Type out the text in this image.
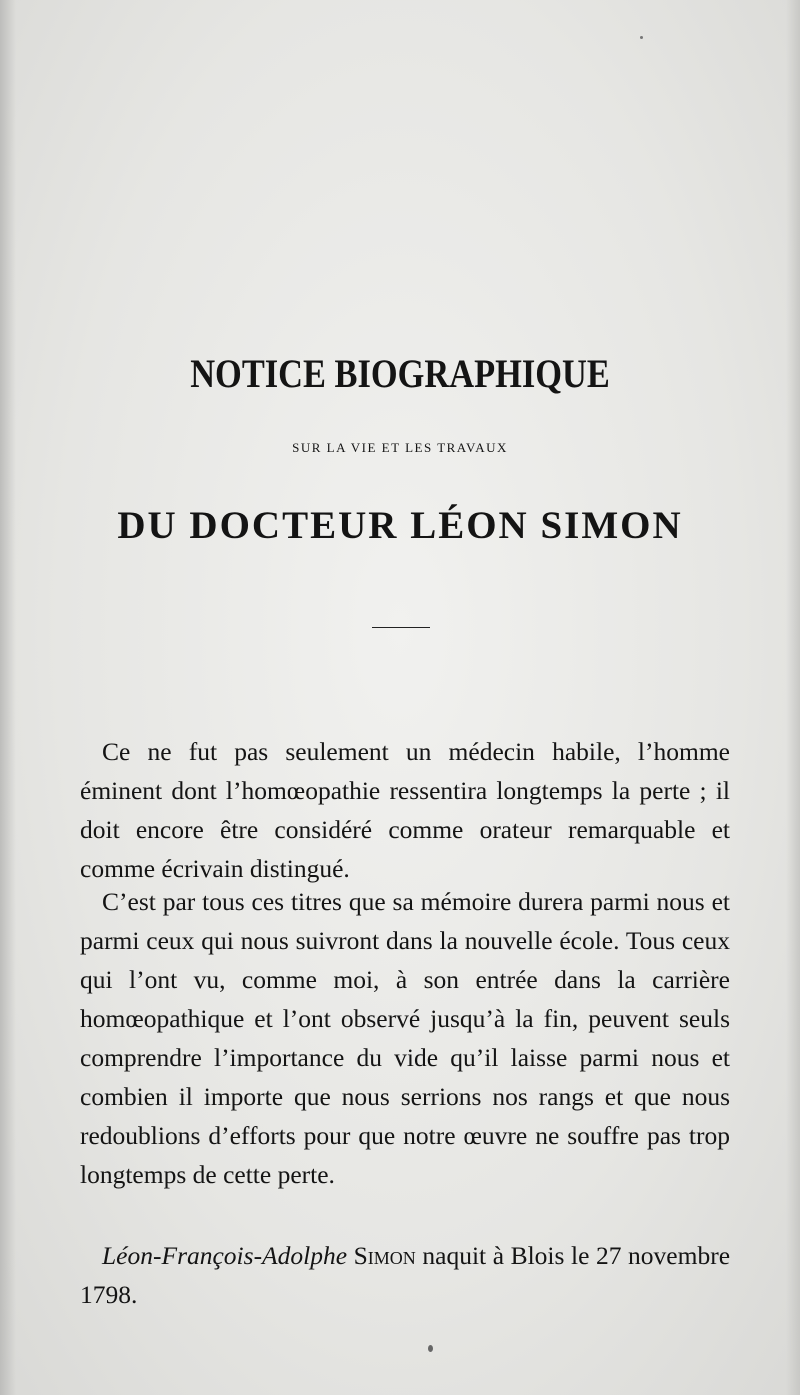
NOTICE BIOGRAPHIQUE

SUR LA VIE ET LES TRAVAUX

DU DOCTEUR LÉON SIMON

Ce ne fut pas seulement un médecin habile, l’homme éminent dont l’homœopathie ressentira longtemps la perte ; il doit encore être considéré comme orateur remarquable et comme écrivain distingué.

C’est par tous ces titres que sa mémoire durera parmi nous et parmi ceux qui nous suivront dans la nouvelle école. Tous ceux qui l’ont vu, comme moi, à son entrée dans la carrière homœopathique et l’ont observé jusqu’à la fin, peuvent seuls comprendre l’importance du vide qu’il laisse parmi nous et combien il importe que nous serrions nos rangs et que nous redoublions d’efforts pour que notre œuvre ne souffre pas trop longtemps de cette perte.

Léon-François-Adolphe Simon naquit à Blois le 27 novembre 1798.
